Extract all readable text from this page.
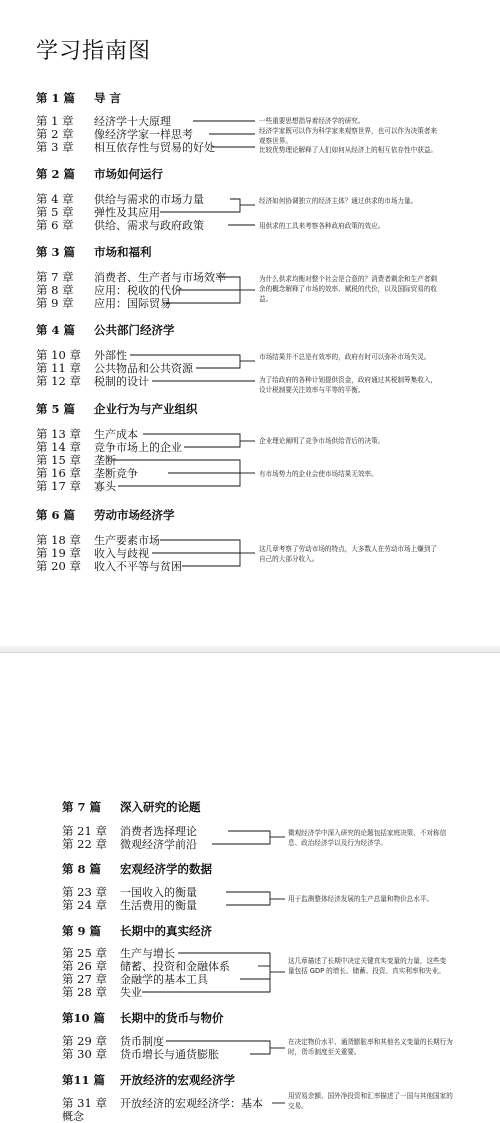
学习指南图
第 1 篇 导 言
第 1 章 经济学十大原理
第 2 章 像经济学家一样思考
第 3 章 相互依存性与贸易的好处
第 2 篇 市场如何运行
第 4 章 供给与需求的市场力量
第 5 章 弹性及其应用
第 6 章 供给、需求与政府政策
第 3 篇 市场和福利
第 7 章 消费者、生产者与市场效率
第 8 章 应用：税收的代价
第 9 章 应用：国际贸易
第 4 篇 公共部门经济学
第 10 章 外部性
第 11 章 公共物品和公共资源
第 12 章 税制的设计
第 5 篇 企业行为与产业组织
第 13 章 生产成本
第 14 章 竞争市场上的企业
第 15 章 垄断
第 16 章 垄断竞争
第 17 章 寡头
第 6 篇 劳动市场经济学
第 18 章 生产要素市场
第 19 章 收入与歧视
第 20 章 收入不平等与贫困
一些重要思想指导着经济学的研究。
经济学家既可以作为科学家来观察世界，也可以作为决策者来观察世界。
比较优势理论解释了人们如何从经济上的相互依存性中获益。
经济如何协调独立的经济主体？通过供求的市场力量。
用供求的工具来考察各种政府政策的效应。
为什么供求均衡对整个社会是合意的？消费者剩余和生产者剩余的概念解释了市场的效率、赋税的代价，以及国际贸易的收益。
市场结果并不总是有效率的，政府有时可以弥补市场失灵。
为了给政府的各种计划提供资金，政府通过其税制筹集收入，设计税制要关注效率与平等的平衡。
企业理论阐明了竞争市场供给背后的决策。
有市场势力的企业会使市场结果无效率。
这几章考察了劳动市场的特点，大多数人在劳动市场上赚到了自己的大部分收入。
第 7 篇 深入研究的论题
第 21 章 消费者选择理论
第 22 章 微观经济学前沿
第 8 篇 宏观经济学的数据
第 23 章 一国收入的衡量
第 24 章 生活费用的衡量
第 9 篇 长期中的真实经济
第 25 章 生产与增长
第 26 章 储蓄、投资和金融体系
第 27 章 金融学的基本工具
第 28 章 失业
第10 篇 长期中的货币与物价
第 29 章 货币制度
第 30 章 货币增长与通货膨胀
第11 篇 开放经济的宏观经济学
第 31 章 开放经济的宏观经济学：基本概念
微观经济学中深入研究的论题包括家庭决策、不对称信息、政治经济学以及行为经济学。
用于监测整体经济发展的生产总量和物价总水平。
这几章描述了长期中决定关键真实变量的力量，这些变量包括 GDP 的增长、储蓄、投资、真实利率和失业。
在决定物价水平、通货膨胀率和其他名义变量的长期行为时，货币制度至关重要。
用贸易余额、国外净投资和汇率描述了一国与其他国家的交易。
